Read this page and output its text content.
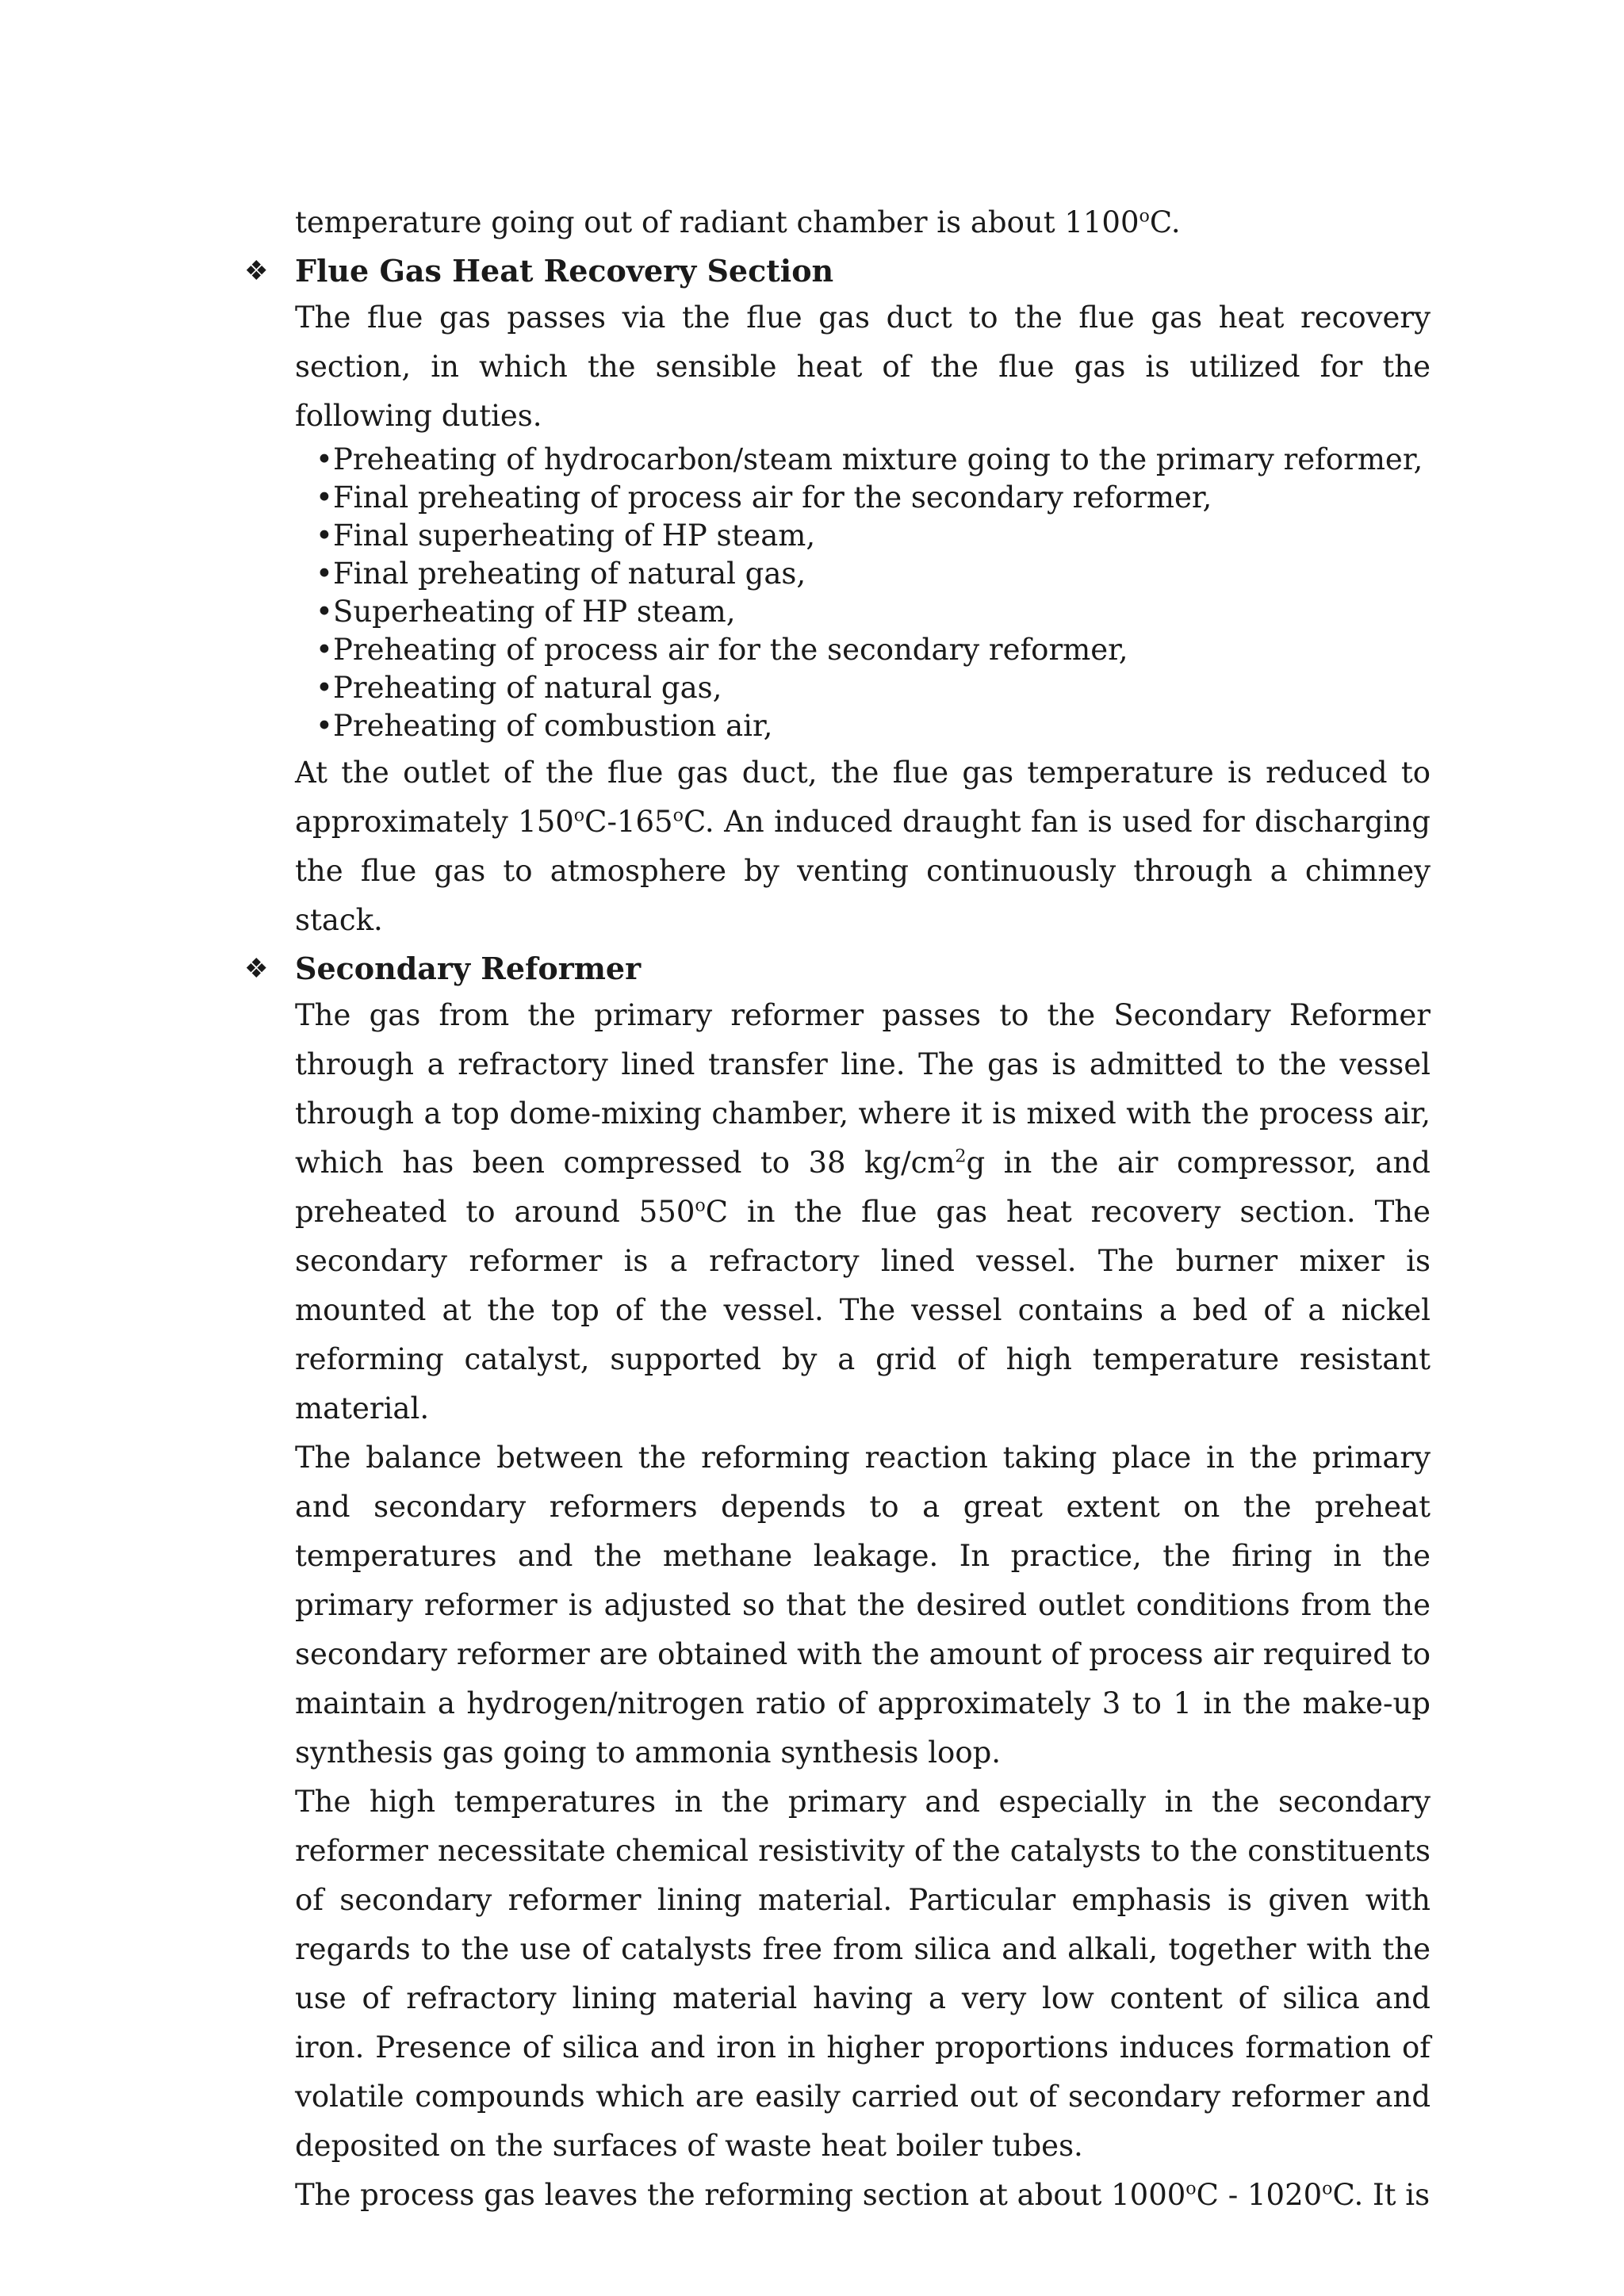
temperature going out of radiant chamber is about 1100$^o$C.

❖ Flue Gas Heat Recovery Section

The flue gas passes via the flue gas duct to the flue gas heat recovery section, in which the sensible heat of the flue gas is utilized for the following duties.

•Preheating of hydrocarbon/steam mixture going to the primary reformer,
•Final preheating of process air for the secondary reformer,
•Final superheating of HP steam,
•Final preheating of natural gas,
•Superheating of HP steam,
•Preheating of process air for the secondary reformer,
•Preheating of natural gas,
•Preheating of combustion air,

At the outlet of the flue gas duct, the flue gas temperature is reduced to approximately 150$^o$C-165$^o$C. An induced draught fan is used for discharging the flue gas to atmosphere by venting continuously through a chimney stack.

❖ Secondary Reformer

The gas from the primary reformer passes to the Secondary Reformer through a refractory lined transfer line. The gas is admitted to the vessel through a top dome-mixing chamber, where it is mixed with the process air, which has been compressed to 38 $kg/cm^2g$ in the air compressor, and preheated to around 550$^o$C in the flue gas heat recovery section. The secondary reformer is a refractory lined vessel. The burner mixer is mounted at the top of the vessel. The vessel contains a bed of a nickel reforming catalyst, supported by a grid of high temperature resistant material.

The balance between the reforming reaction taking place in the primary and secondary reformers depends to a great extent on the preheat temperatures and the methane leakage. In practice, the firing in the primary reformer is adjusted so that the desired outlet conditions from the secondary reformer are obtained with the amount of process air required to maintain a hydrogen/nitrogen ratio of approximately 3 to 1 in the make-up synthesis gas going to ammonia synthesis loop.

The high temperatures in the primary and especially in the secondary reformer necessitate chemical resistivity of the catalysts to the constituents of secondary reformer lining material. Particular emphasis is given with regards to the use of catalysts free from silica and alkali, together with the use of refractory lining material having a very low content of silica and iron. Presence of silica and iron in higher proportions induces formation of volatile compounds which are easily carried out of secondary reformer and deposited on the surfaces of waste heat boiler tubes.

The process gas leaves the reforming section at about 1000$^o$C - 1020$^o$C. It is
